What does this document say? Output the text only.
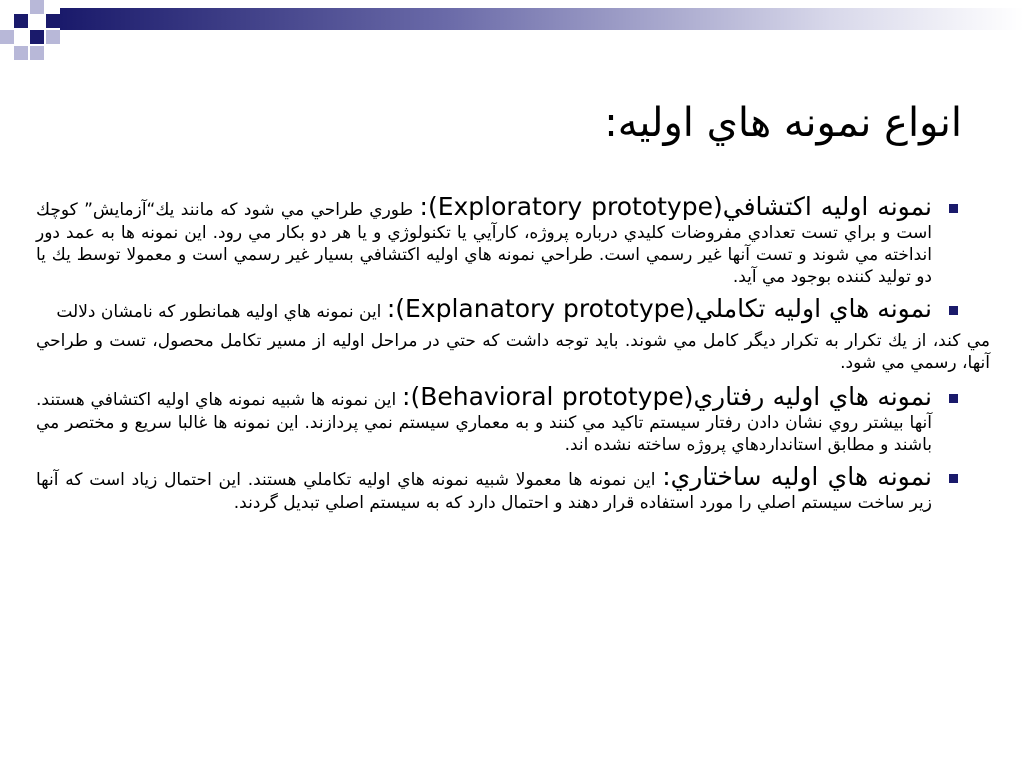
انواع نمونه هاي اوليه:

نمونه اوليه اكتشافي(Exploratory prototype): طوري طراحي مي شود كه مانند يك“آزمايش” كوچك است و براي تست تعدادي مفروضات كليدي درباره پروژه، كارآيي يا تكنولوژي و يا هر دو بكار مي رود. اين نمونه ها به عمد دور انداخته مي شوند و تست آنها غير رسمي است. طراحي نمونه هاي اوليه اكتشافي بسيار غير رسمي است و معمولا توسط يك يا دو توليد كننده بوجود مي آيد.

نمونه هاي اوليه تكاملي(Explanatory prototype): اين نمونه هاي اوليه همانطور كه نامشان دلالت

مي كند، از يك تكرار به تكرار ديگر كامل مي شوند. بايد توجه داشت كه حتي در مراحل اوليه از مسير تكامل محصول، تست و طراحي آنها، رسمي مي شود.

نمونه هاي اوليه رفتاري(Behavioral prototype): اين نمونه ها شبيه نمونه هاي اوليه اكتشافي هستند. آنها بيشتر روي نشان دادن رفتار سيستم تاكيد مي كنند و به معماري سيستم نمي پردازند. اين نمونه ها غالبا سريع و مختصر مي باشند و مطابق استانداردهاي پروژه ساخته نشده اند.

نمونه هاي اوليه ساختاري: اين نمونه ها معمولا شبيه نمونه هاي اوليه تكاملي هستند. اين احتمال زياد است كه آنها زير ساخت سيستم اصلي را مورد استفاده قرار دهند و احتمال دارد كه به سيستم اصلي تبديل گردند.
